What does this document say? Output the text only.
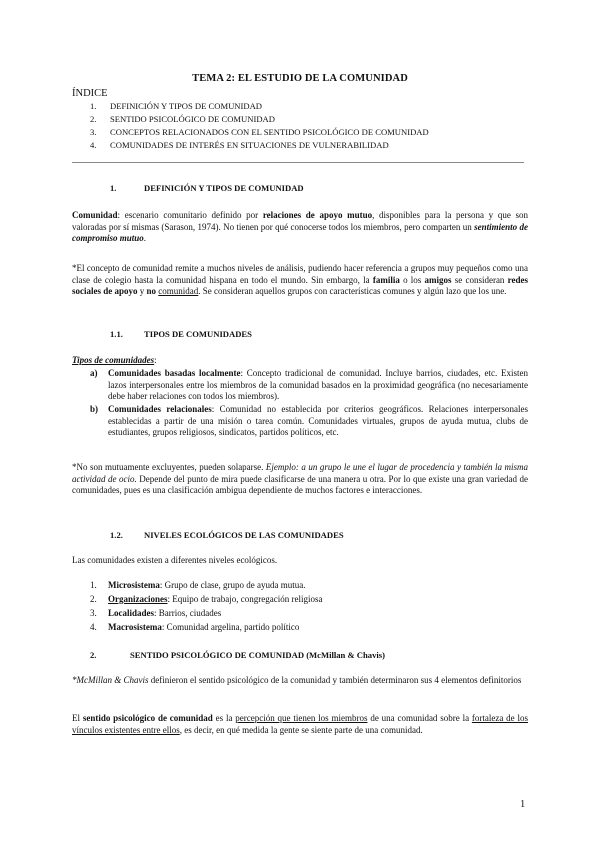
TEMA 2: EL ESTUDIO DE LA COMUNIDAD
ÍNDICE
1. DEFINICIÓN Y TIPOS DE COMUNIDAD
2. SENTIDO PSICOLÓGICO DE COMUNIDAD
3. CONCEPTOS RELACIONADOS CON EL SENTIDO PSICOLÓGICO DE COMUNIDAD
4. COMUNIDADES DE INTERÉS EN SITUACIONES DE VULNERABILIDAD
1.	DEFINICIÓN Y TIPOS DE COMUNIDAD

Comunidad: escenario comunitario definido por relaciones de apoyo mutuo, disponibles para la persona y que son valoradas por sí mismas (Sarason, 1974). No tienen por qué conocerse todos los miembros, pero comparten un sentimiento de compromiso mutuo.

*El concepto de comunidad remite a muchos niveles de análisis, pudiendo hacer referencia a grupos muy pequeños como una clase de colegio hasta la comunidad hispana en todo el mundo. Sin embargo, la familia o los amigos se consideran redes sociales de apoyo y no comunidad. Se consideran aquellos grupos con características comunes y algún lazo que los une.

1.1. TIPOS DE COMUNIDADES

Tipos de comunidades:

a) Comunidades basadas localmente: Concepto tradicional de comunidad. Incluye barrios, ciudades, etc. Existen lazos interpersonales entre los miembros de la comunidad basados en la proximidad geográfica (no necesariamente debe haber relaciones con todos los miembros).
b) Comunidades relacionales: Comunidad no establecida por criterios geográficos. Relaciones interpersonales establecidas a partir de una misión o tarea común. Comunidades virtuales, grupos de ayuda mutua, clubs de estudiantes, grupos religiosos, sindicatos, partidos políticos, etc.

*No son mutuamente excluyentes, pueden solaparse. Ejemplo: a un grupo le une el lugar de procedencia y también la misma actividad de ocio. Depende del punto de mira puede clasificarse de una manera u otra. Por lo que existe una gran variedad de comunidades, pues es una clasificación ambigua dependiente de muchos factores e interacciones.

1.2. NIVELES ECOLÓGICOS DE LAS COMUNIDADES

Las comunidades existen a diferentes niveles ecológicos.

1. Microsistema: Grupo de clase, grupo de ayuda mutua.
2. Organizaciones: Equipo de trabajo, congregación religiosa
3. Localidades: Barrios, ciudades
4. Macrosistema: Comunidad argelina, partido político
2.	SENTIDO PSICOLÓGICO DE COMUNIDAD (McMillan & Chavis)

*McMillan & Chavis definieron el sentido psicológico de la comunidad y también determinaron sus 4 elementos definitorios

El sentido psicológico de comunidad es la percepción que tienen los miembros de una comunidad sobre la fortaleza de los vínculos existentes entre ellos, es decir, en qué medida la gente se siente parte de una comunidad.

1
